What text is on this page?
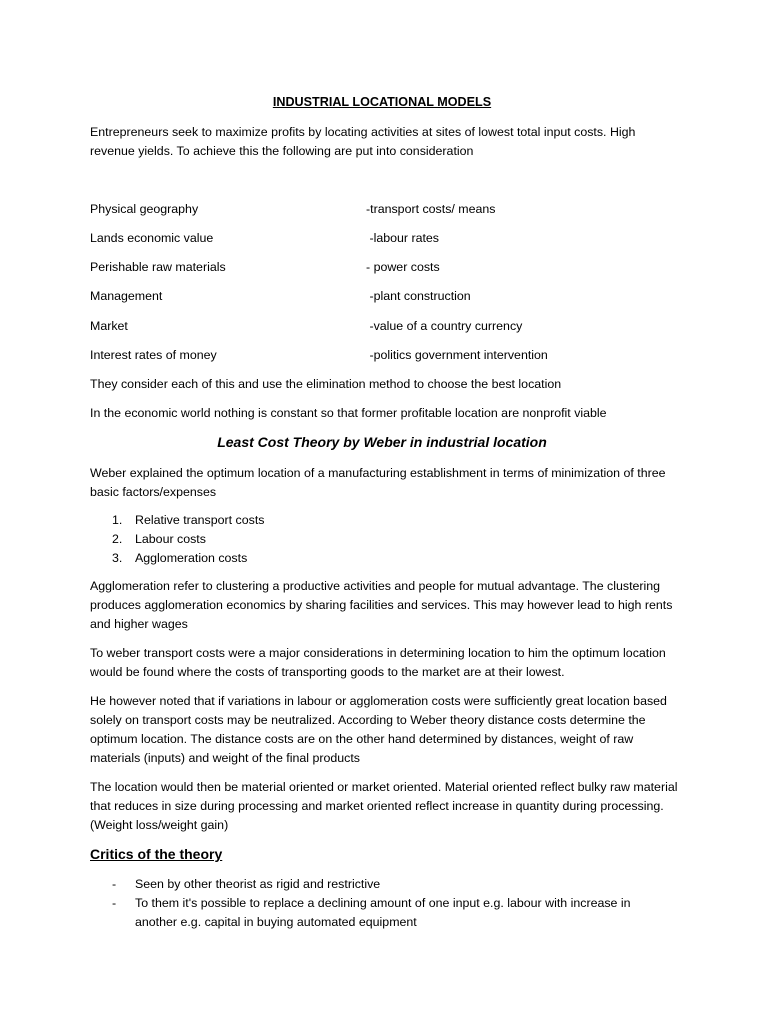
INDUSTRIAL LOCATIONAL MODELS

Entrepreneurs seek to maximize profits by locating activities at sites of lowest total input costs. High revenue yields. To achieve this the following are put into consideration

Physical geography	-transport costs/ means
Lands economic value	-labour rates
Perishable raw materials	- power costs
Management	-plant construction
Market	-value of a country currency
Interest rates of money	-politics government intervention

They consider each of this and use the elimination method to choose the best location

In the economic world nothing is constant so that former profitable location are nonprofit viable

Least Cost Theory by Weber in industrial location

Weber explained the optimum location of a manufacturing establishment in terms of minimization of three basic factors/expenses

1. Relative transport costs
2. Labour costs
3. Agglomeration costs

Agglomeration refer to clustering a productive activities and people for mutual advantage. The clustering produces agglomeration economics by sharing facilities and services. This may however lead to high rents and higher wages

To weber transport costs were a major considerations in determining location to him the optimum location would be found where the costs of transporting goods to the market are at their lowest.

He however noted that if variations in labour or agglomeration costs were sufficiently great location based solely on transport costs may be neutralized. According to Weber theory distance costs determine the optimum location. The distance costs are on the other hand determined by distances, weight of raw materials (inputs) and weight of the final products

The location would then be material oriented or market oriented. Material oriented reflect bulky raw material that reduces in size during processing and market oriented reflect increase in quantity during processing. (Weight loss/weight gain)

Critics of the theory
- Seen by other theorist as rigid and restrictive
- To them it's possible to replace a declining amount of one input e.g. labour with increase in another e.g. capital in buying automated equipment
